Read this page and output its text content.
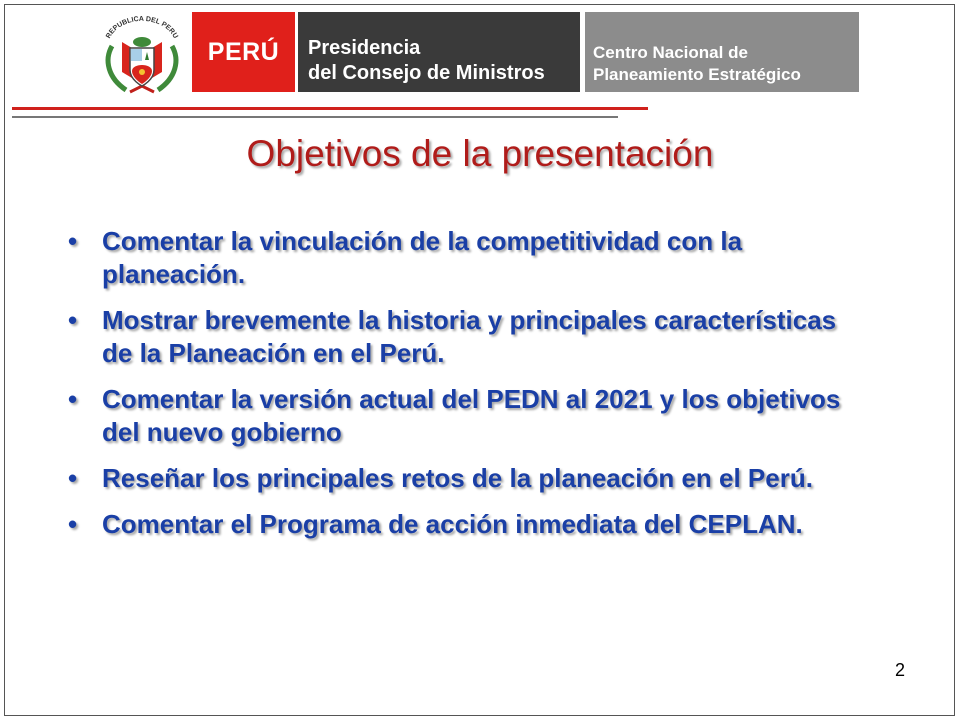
REPUBLICA DEL PERU
PERÚ Presidencia
del Consejo de Ministros
Centro Nacional de
Planeamiento Estratégico
Objetivos de la presentación
• Comentar la vinculación de la competitividad con la planeación.
• Mostrar brevemente la historia y principales características de la Planeación en el Perú.
• Comentar la versión actual del PEDN al 2021 y los objetivos del nuevo gobierno
• Reseñar los principales retos de la planeación en el Perú.
• Comentar el Programa de acción inmediata del CEPLAN.
2
